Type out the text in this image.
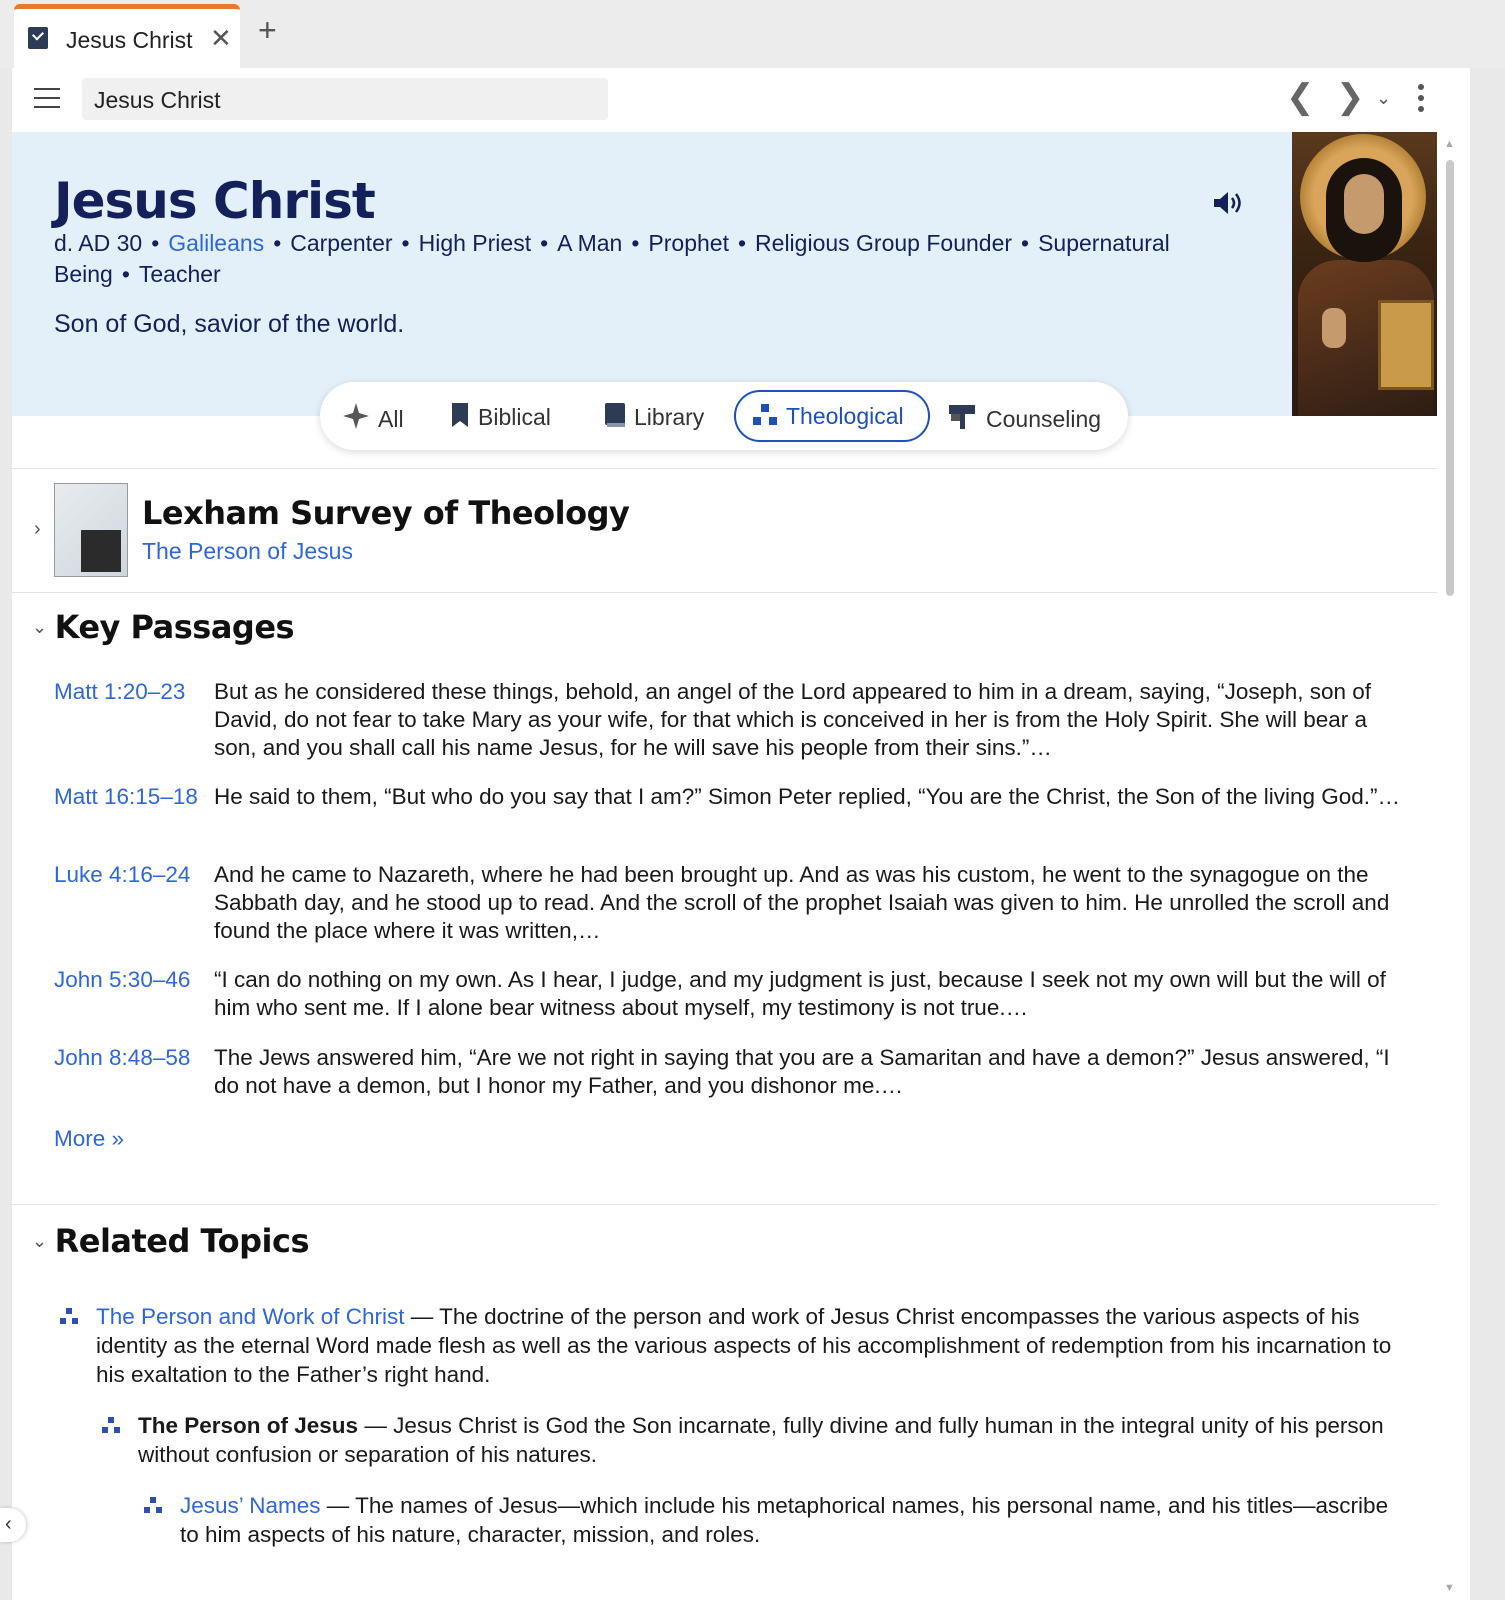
Jesus Christ ✕ +
Jesus Christ	❮ ❯ ⌄
Jesus Christ
d. AD 30 • Galileans • Carpenter • High Priest • A Man • Prophet • Religious Group Founder • Supernatural Being • Teacher
Son of God, savior of the world.
All	Biblical	Library	Theological	Counseling
›	Lexham Survey of Theology
The Person of Jesus
⌄ Key Passages
Matt 1:20–23 But as he considered these things, behold, an angel of the Lord appeared to him in a dream, saying, “Joseph, son of David, do not fear to take Mary as your wife, for that which is conceived in her is from the Holy Spirit. She will bear a son, and you shall call his name Jesus, for he will save his people from their sins.”…
Matt 16:15–18 He said to them, “But who do you say that I am?” Simon Peter replied, “You are the Christ, the Son of the living God.”…
Luke 4:16–24 And he came to Nazareth, where he had been brought up. And as was his custom, he went to the synagogue on the Sabbath day, and he stood up to read. And the scroll of the prophet Isaiah was given to him. He unrolled the scroll and found the place where it was written,…
John 5:30–46 “I can do nothing on my own. As I hear, I judge, and my judgment is just, because I seek not my own will but the will of him who sent me. If I alone bear witness about myself, my testimony is not true.…
John 8:48–58 The Jews answered him, “Are we not right in saying that you are a Samaritan and have a demon?” Jesus answered, “I do not have a demon, but I honor my Father, and you dishonor me.…
More »
⌄ Related Topics
The Person and Work of Christ — The doctrine of the person and work of Jesus Christ encompasses the various aspects of his identity as the eternal Word made flesh as well as the various aspects of his accomplishment of redemption from his incarnation to his exaltation to the Father’s right hand.
The Person of Jesus — Jesus Christ is God the Son incarnate, fully divine and fully human in the integral unity of his person without confusion or separation of his natures.
Jesus’ Names — The names of Jesus—which include his metaphorical names, his personal name, and his titles—ascribe to him aspects of his nature, character, mission, and roles.
▲
▼
‹
